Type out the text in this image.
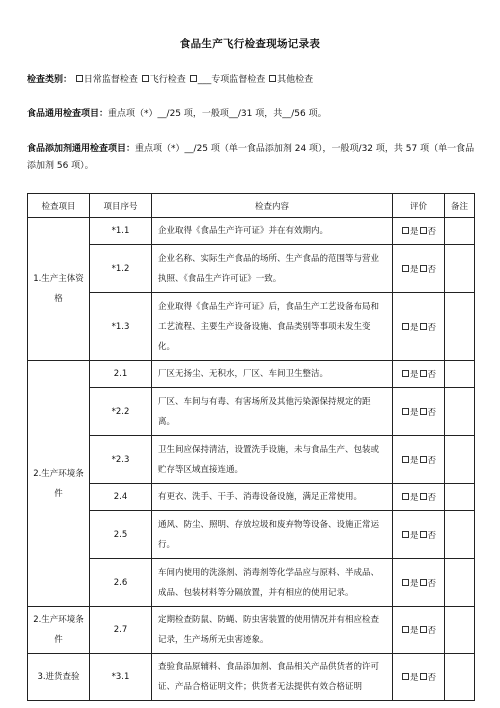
食品生产飞行检查现场记录表
检查类别： 日常监督检查 飞行检查 ___专项监督检查 其他检查
食品通用检查项目：重点项（*）__/25 项，一般项__/31 项，共__/56 项。
食品添加剂通用检查项目：重点项（*）__/25 项（单一食品添加剂 24 项），一般项/32 项，共 57 项（单一食品添加剂 56 项）。
检查项目	项目序号	检查内容	评价	备注
1.生产主体资格	*1.1	企业取得《食品生产许可证》并在有效期内。	是 否	
	*1.2	企业名称、实际生产食品的场所、生产食品的范围等与营业执照、《食品生产许可证》一致。	是 否	
	*1.3	企业取得《食品生产许可证》后，食品生产工艺设备布局和工艺流程、主要生产设备设施、食品类别等事项未发生变化。	是 否	
2.生产环境条件	2.1	厂区无扬尘、无积水，厂区、车间卫生整洁。	是 否	
	*2.2	厂区、车间与有毒、有害场所及其他污染源保持规定的距离。	是 否	
	*2.3	卫生间应保持清洁，设置洗手设施，未与食品生产、包装或贮存等区域直接连通。	是 否	
	2.4	有更衣、洗手、干手、消毒设备设施，满足正常使用。	是 否	
	2.5	通风、防尘、照明、存放垃圾和废弃物等设备、设施正常运行。	是 否	
	2.6	车间内使用的洗涤剂、消毒剂等化学品应与原料、半成品、成品、包装材料等分隔放置，并有相应的使用记录。	是 否	
2.生产环境条件	2.7	定期检查防鼠、防蝇、防虫害装置的使用情况并有相应检查记录，生产场所无虫害迹象。	是 否	
3.进货查验	*3.1	查验食品原辅料、食品添加剂、食品相关产品供货者的许可证、产品合格证明文件；供货者无法提供有效合格证明	是 否	
